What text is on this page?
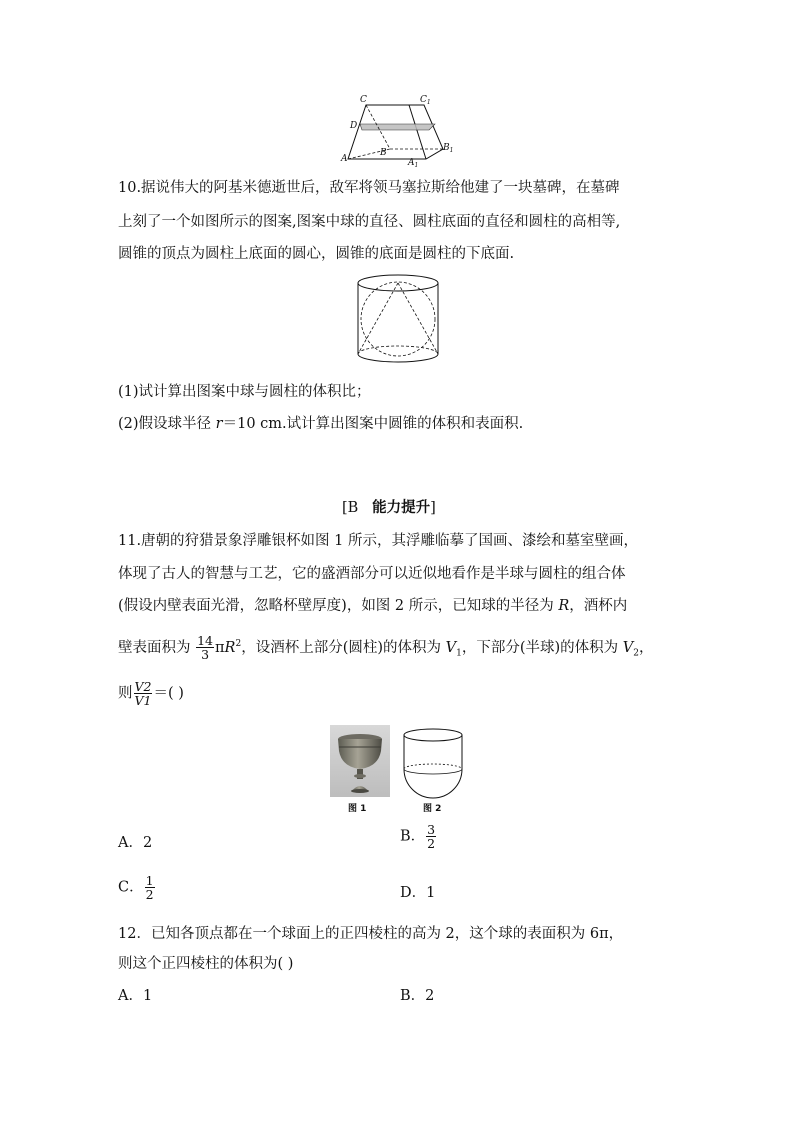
C	$C_1$
D
B
A	$A_1$
$B_1$
10.据说伟大的阿基米德逝世后，敌军将领马塞拉斯给他建了一块墓碑，在墓碑
上刻了一个如图所示的图案,图案中球的直径、圆柱底面的直径和圆柱的高相等,
圆锥的顶点为圆柱上底面的圆心，圆锥的底面是圆柱的下底面.
(1)试计算出图案中球与圆柱的体积比；
(2)假设球半径 r＝10 cm.试计算出图案中圆锥的体积和表面积.
[B 能力提升]
11.唐朝的狩猎景象浮雕银杯如图 1 所示，其浮雕临摹了国画、漆绘和墓室壁画，
体现了古人的智慧与工艺，它的盛酒部分可以近似地看作是半球与圆柱的组合体
(假设内壁表面光滑，忽略杯壁厚度)，如图 2 所示，已知球的半径为 R，酒杯内
壁表面积为 $\frac{14}{3} \pi R^2$，设酒杯上部分(圆柱)的体积为 $V_1$，下部分(半球)的体积为 $V_2$，
则 $\frac{V2}{V1}$ ＝( )
图 1	图 2
A．2	B． $\frac{3}{2}$
C． $\frac{1}{2}$	D．1
12．已知各顶点都在一个球面上的正四棱柱的高为 2，这个球的表面积为 6π，
则这个正四棱柱的体积为( )
A．1	B．2
